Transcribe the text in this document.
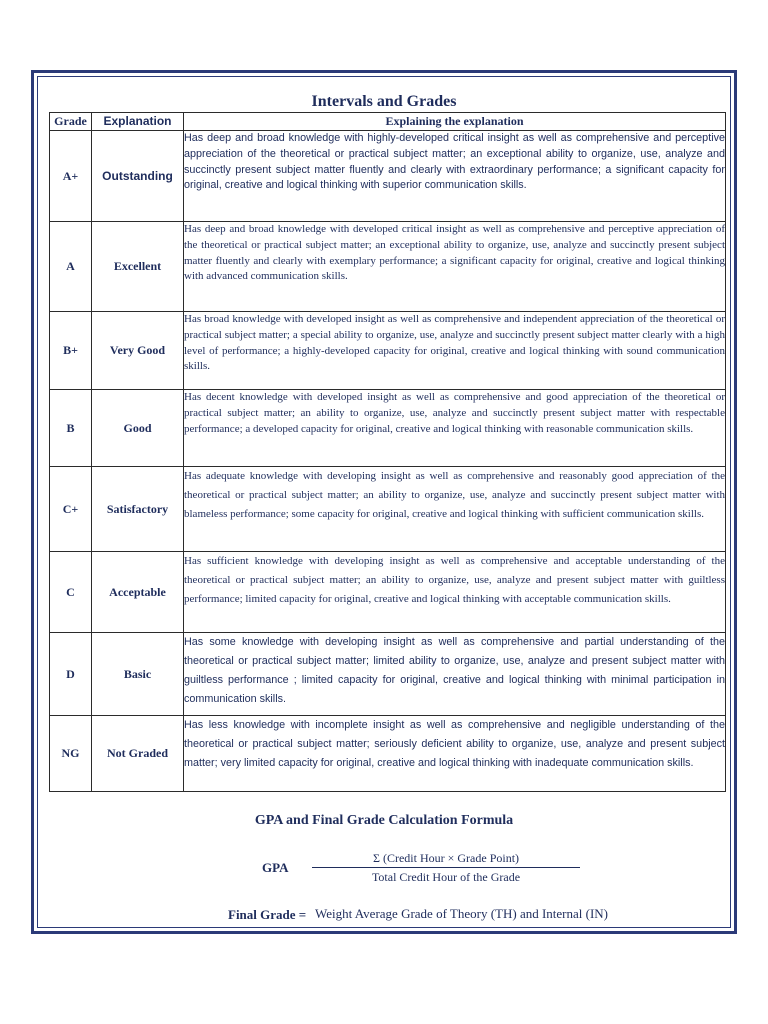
Intervals and Grades
Grade	Explanation	Explaining the explanation
A+	Outstanding	Has deep and broad knowledge with highly-developed critical insight as well as comprehensive and perceptive appreciation of the theoretical or practical subject matter; an exceptional ability to organize, use, analyze and succinctly present subject matter fluently and clearly with extraordinary performance; a significant capacity for original, creative and logical thinking with superior communication skills.
A	Excellent	Has deep and broad knowledge with developed critical insight as well as comprehensive and perceptive appreciation of the theoretical or practical subject matter; an exceptional ability to organize, use, analyze and succinctly present subject matter fluently and clearly with exemplary performance; a significant capacity for original, creative and logical thinking with advanced communication skills.
B+	Very Good	Has broad knowledge with developed insight as well as comprehensive and independent appreciation of the theoretical or practical subject matter; a special ability to organize, use, analyze and succinctly present subject matter clearly with a high level of performance; a highly-developed capacity for original, creative and logical thinking with sound communication skills.
B	Good	Has decent knowledge with developed insight as well as comprehensive and good appreciation of the theoretical or practical subject matter; an ability to organize, use, analyze and succinctly present subject matter with respectable performance; a developed capacity for original, creative and logical thinking with reasonable communication skills.
C+	Satisfactory	Has adequate knowledge with developing insight as well as comprehensive and reasonably good appreciation of the theoretical or practical subject matter; an ability to organize, use, analyze and succinctly present subject matter with blameless performance; some capacity for original, creative and logical thinking with sufficient communication skills.
C	Acceptable	Has sufficient knowledge with developing insight as well as comprehensive and acceptable understanding of the theoretical or practical subject matter; an ability to organize, use, analyze and present subject matter with guiltless performance; limited capacity for original, creative and logical thinking with acceptable communication skills.
D	Basic	Has some knowledge with developing insight as well as comprehensive and partial understanding of the theoretical or practical subject matter; limited ability to organize, use, analyze and present subject matter with guiltless performance ; limited capacity for original, creative and logical thinking with minimal participation in communication skills.
NG	Not Graded	Has less knowledge with incomplete insight as well as comprehensive and negligible understanding of the theoretical or practical subject matter; seriously deficient ability to organize, use, analyze and present subject matter; very limited capacity for original, creative and logical thinking with inadequate communication skills.
GPA and Final Grade Calculation Formula
GPA
Σ (Credit Hour × Grade Point)
Total Credit Hour of the Grade
Final Grade = Weight Average Grade of Theory (TH) and Internal (IN)
